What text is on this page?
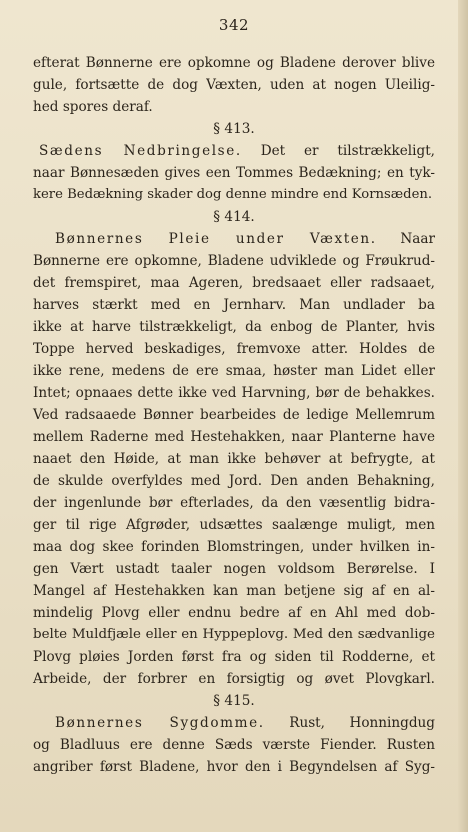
342
efterat Bønnerne ere opkomne og Bladene derover blive
gule, fortsætte de dog Væxten, uden at nogen Uleilig-
hed spores deraf.
§ 413.
Sædens Nedbringelse. Det er tilstrækkeligt,
naar Bønnesæden gives een Tommes Bedækning; en tyk-
kere Bedækning skader dog denne mindre end Kornsæden.
§ 414.
Bønnernes Pleie under Væxten. Naar
Bønnerne ere opkomne, Bladene udviklede og Frøukrud-
det fremspiret, maa Ageren, bredsaaet eller radsaaet,
harves stærkt med en Jernharv. Man undlader ba
ikke at harve tilstrækkeligt, da enbog de Planter, hvis
Toppe herved beskadiges, fremvoxe atter. Holdes de
ikke rene, medens de ere smaa, høster man Lidet eller
Intet; opnaaes dette ikke ved Harvning, bør de behakkes.
Ved radsaaede Bønner bearbeides de ledige Mellemrum
mellem Raderne med Hestehakken, naar Planterne have
naaet den Høide, at man ikke behøver at befrygte, at
de skulde overfyldes med Jord. Den anden Behakning,
der ingenlunde bør efterlades, da den væsentlig bidra-
ger til rige Afgrøder, udsættes saalænge muligt, men
maa dog skee forinden Blomstringen, under hvilken in-
gen Vært ustadt taaler nogen voldsom Berørelse. I
Mangel af Hestehakken kan man betjene sig af en al-
mindelig Plovg eller endnu bedre af en Ahl med dob-
belte Muldfjæle eller en Hyppeplovg. Med den sædvanlige
Plovg pløies Jorden først fra og siden til Rodderne, et
Arbeide, der forbrer en forsigtig og øvet Plovgkarl.
§ 415.
Bønnernes Sygdomme. Rust, Honningdug
og Bladluus ere denne Sæds værste Fiender. Rusten
angriber først Bladene, hvor den i Begyndelsen af Syg-
